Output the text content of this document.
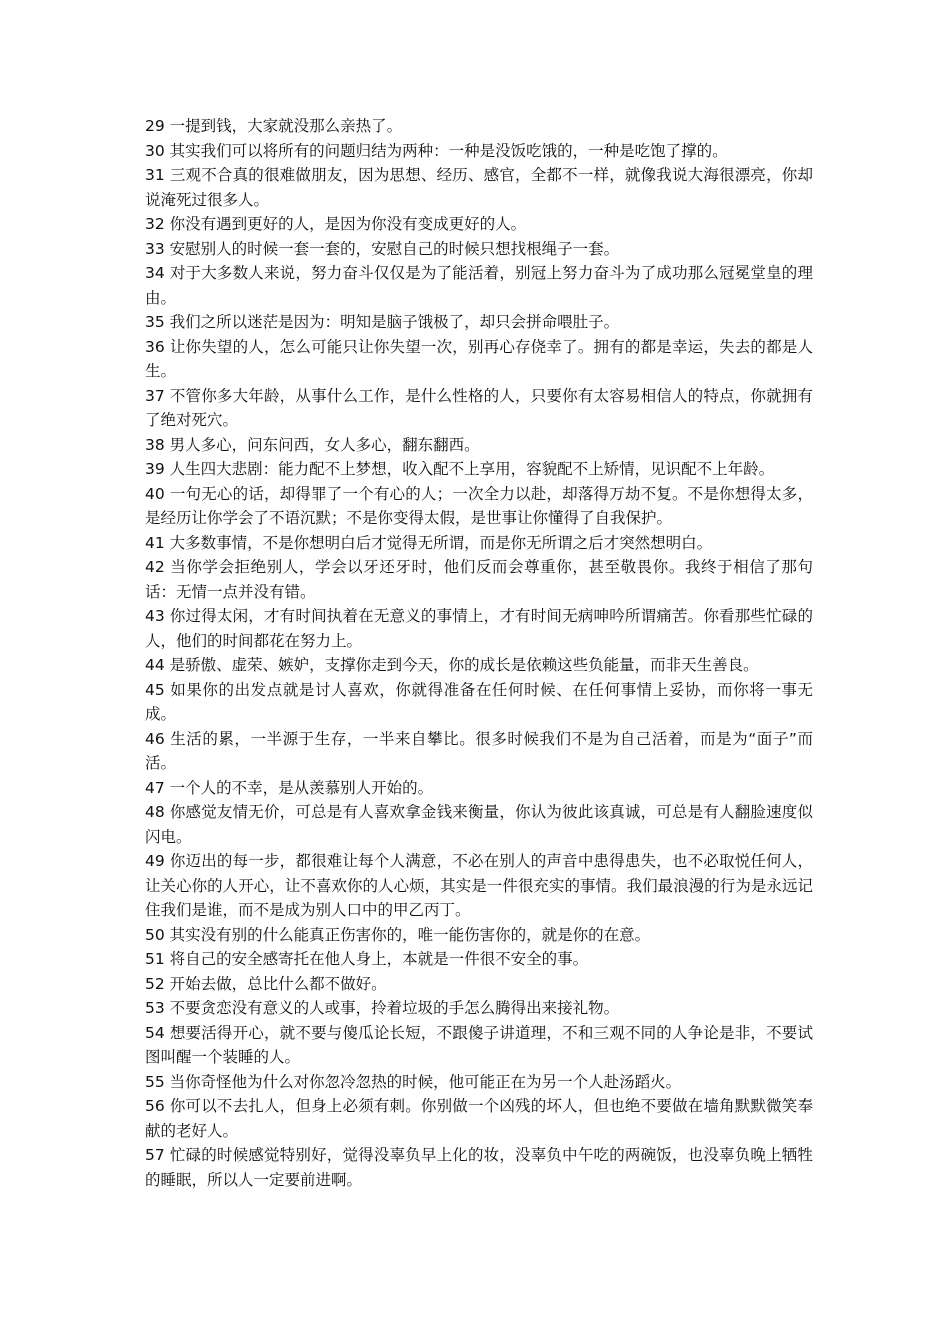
29 一提到钱，大家就没那么亲热了。

30 其实我们可以将所有的问题归结为两种：一种是没饭吃饿的，一种是吃饱了撑的。

31 三观不合真的很难做朋友，因为思想、经历、感官，全都不一样，就像我说大海很漂亮，你却说淹死过很多人。

32 你没有遇到更好的人，是因为你没有变成更好的人。

33 安慰别人的时候一套一套的，安慰自己的时候只想找根绳子一套。

34 对于大多数人来说，努力奋斗仅仅是为了能活着，别冠上努力奋斗为了成功那么冠冕堂皇的理由。

35 我们之所以迷茫是因为：明知是脑子饿极了，却只会拼命喂肚子。

36 让你失望的人，怎么可能只让你失望一次，别再心存侥幸了。拥有的都是幸运，失去的都是人生。

37 不管你多大年龄，从事什么工作，是什么性格的人，只要你有太容易相信人的特点，你就拥有了绝对死穴。

38 男人多心，问东问西，女人多心，翻东翻西。

39 人生四大悲剧：能力配不上梦想，收入配不上享用，容貌配不上矫情，见识配不上年龄。

40 一句无心的话，却得罪了一个有心的人；一次全力以赴，却落得万劫不复。不是你想得太多，是经历让你学会了不语沉默；不是你变得太假，是世事让你懂得了自我保护。

41 大多数事情，不是你想明白后才觉得无所谓，而是你无所谓之后才突然想明白。

42 当你学会拒绝别人，学会以牙还牙时，他们反而会尊重你，甚至敬畏你。我终于相信了那句话：无情一点并没有错。

43 你过得太闲，才有时间执着在无意义的事情上，才有时间无病呻吟所谓痛苦。你看那些忙碌的人，他们的时间都花在努力上。

44 是骄傲、虚荣、嫉妒，支撑你走到今天，你的成长是依赖这些负能量，而非天生善良。

45 如果你的出发点就是讨人喜欢，你就得准备在任何时候、在任何事情上妥协，而你将一事无成。

46 生活的累，一半源于生存，一半来自攀比。很多时候我们不是为自己活着，而是为“面子”而活。

47 一个人的不幸，是从羡慕别人开始的。

48 你感觉友情无价，可总是有人喜欢拿金钱来衡量，你认为彼此该真诚，可总是有人翻脸速度似闪电。

49 你迈出的每一步，都很难让每个人满意，不必在别人的声音中患得患失，也不必取悦任何人，让关心你的人开心，让不喜欢你的人心烦，其实是一件很充实的事情。我们最浪漫的行为是永远记住我们是谁，而不是成为别人口中的甲乙丙丁。

50 其实没有别的什么能真正伤害你的，唯一能伤害你的，就是你的在意。

51 将自己的安全感寄托在他人身上，本就是一件很不安全的事。

52 开始去做，总比什么都不做好。

53 不要贪恋没有意义的人或事，拎着垃圾的手怎么腾得出来接礼物。

54 想要活得开心，就不要与傻瓜论长短，不跟傻子讲道理，不和三观不同的人争论是非，不要试图叫醒一个装睡的人。

55 当你奇怪他为什么对你忽冷忽热的时候，他可能正在为另一个人赴汤蹈火。

56 你可以不去扎人，但身上必须有刺。你别做一个凶残的坏人，但也绝不要做在墙角默默微笑奉献的老好人。

57 忙碌的时候感觉特别好，觉得没辜负早上化的妆，没辜负中午吃的两碗饭，也没辜负晚上牺牲的睡眠，所以人一定要前进啊。
